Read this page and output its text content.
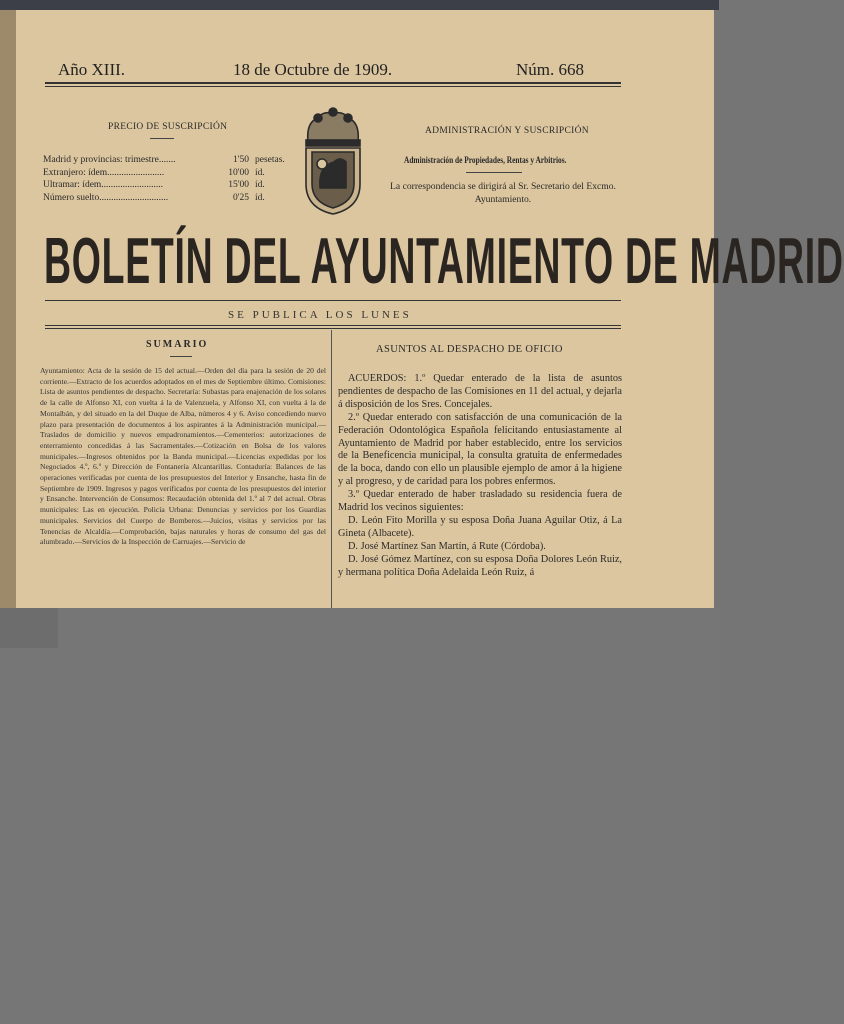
Año XIII.	18 de Octubre de 1909.	Núm. 668
PRECIO DE SUSCRIPCIÓN
Madrid y provincias: trimestre.......	1'50 pesetas.
Extranjero: ídem........................	10'00 íd.
Ultramar: ídem..........................	15'00 íd.
Número suelto.............................	0'25 íd.
ADMINISTRACIÓN Y SUSCRIPCIÓN
Administración de Propiedades, Rentas y Arbitrios.
La correspondencia se dirigirá al Sr. Secretario del Excmo. Ayuntamiento.
BOLETÍN DEL AYUNTAMIENTO DE MADRID
SE PUBLICA LOS LUNES
SUMARIO
Ayuntamiento: Acta de la sesión de 15 del actual.—Orden del día para la sesión de 20 del corriente.—Extracto de los acuerdos adoptados en el mes de Septiembre último. Comisiones: Lista de asuntos pendientes de despacho. Secretaría: Subastas para enajenación de los solares de la calle de Alfonso XI, con vuelta á la de Valenzuela, y Alfonso XI, con vuelta á la de Montalbán, y del situado en la del Duque de Alba, números 4 y 6. Aviso concediendo nuevo plazo para presentación de documentos á los aspirantes á la Administración municipal.—Traslados de domicilio y nuevos empadronamientos.—Cementerios: autorizaciones de enterramiento concedidas á las Sacramentales.—Cotización en Bolsa de los valores municipales.—Ingresos obtenidos por la Banda municipal.—Licencias expedidas por los Negociados 4.º, 6.º y Dirección de Fontanería Alcantarillas. Contaduría: Balances de las operaciones verificadas por cuenta de los presupuestos del Interior y Ensanche, hasta fin de Septiembre de 1909. Ingresos y pagos verificados por cuenta de los presupuestos del interior y Ensanche. Intervención de Consumos: Recaudación obtenida del 1.º al 7 del actual. Obras municipales: Las en ejecución. Policía Urbana: Denuncias y servicios por los Guardias municipales. Servicios del Cuerpo de Bomberos.—Juicios, visitas y servicios por las Tenencias de Alcaldía.—Comprobación, bajas naturales y horas de consumo del gas del alumbrado.—Servicios de la Inspección de Carruajes.—Servicio de
ASUNTOS AL DESPACHO DE OFICIO

ACUERDOS: 1.º Quedar enterado de la lista de asuntos pendientes de despacho de las Comisiones en 11 del actual, y dejarla á disposición de los Sres. Concejales.

2.º Quedar enterado con satisfacción de una comunicación de la Federación Odontológica Española felicitando entusiastamente al Ayuntamiento de Madrid por haber establecido, entre los servicios de la Beneficencia municipal, la consulta gratuita de enfermedades de la boca, dando con ello un plausible ejemplo de amor á la higiene y al progreso, y de caridad para los pobres enfermos.

3.º Quedar enterado de haber trasladado su residencia fuera de Madrid los vecinos siguientes:

D. León Fito Morilla y su esposa Doña Juana Aguilar Otiz, á La Gineta (Albacete).

D. José Martínez San Martín, á Rute (Córdoba).

D. José Gómez Martínez, con su esposa Doña Dolores León Ruiz, y hermana política Doña Adelaida León Ruiz, á
